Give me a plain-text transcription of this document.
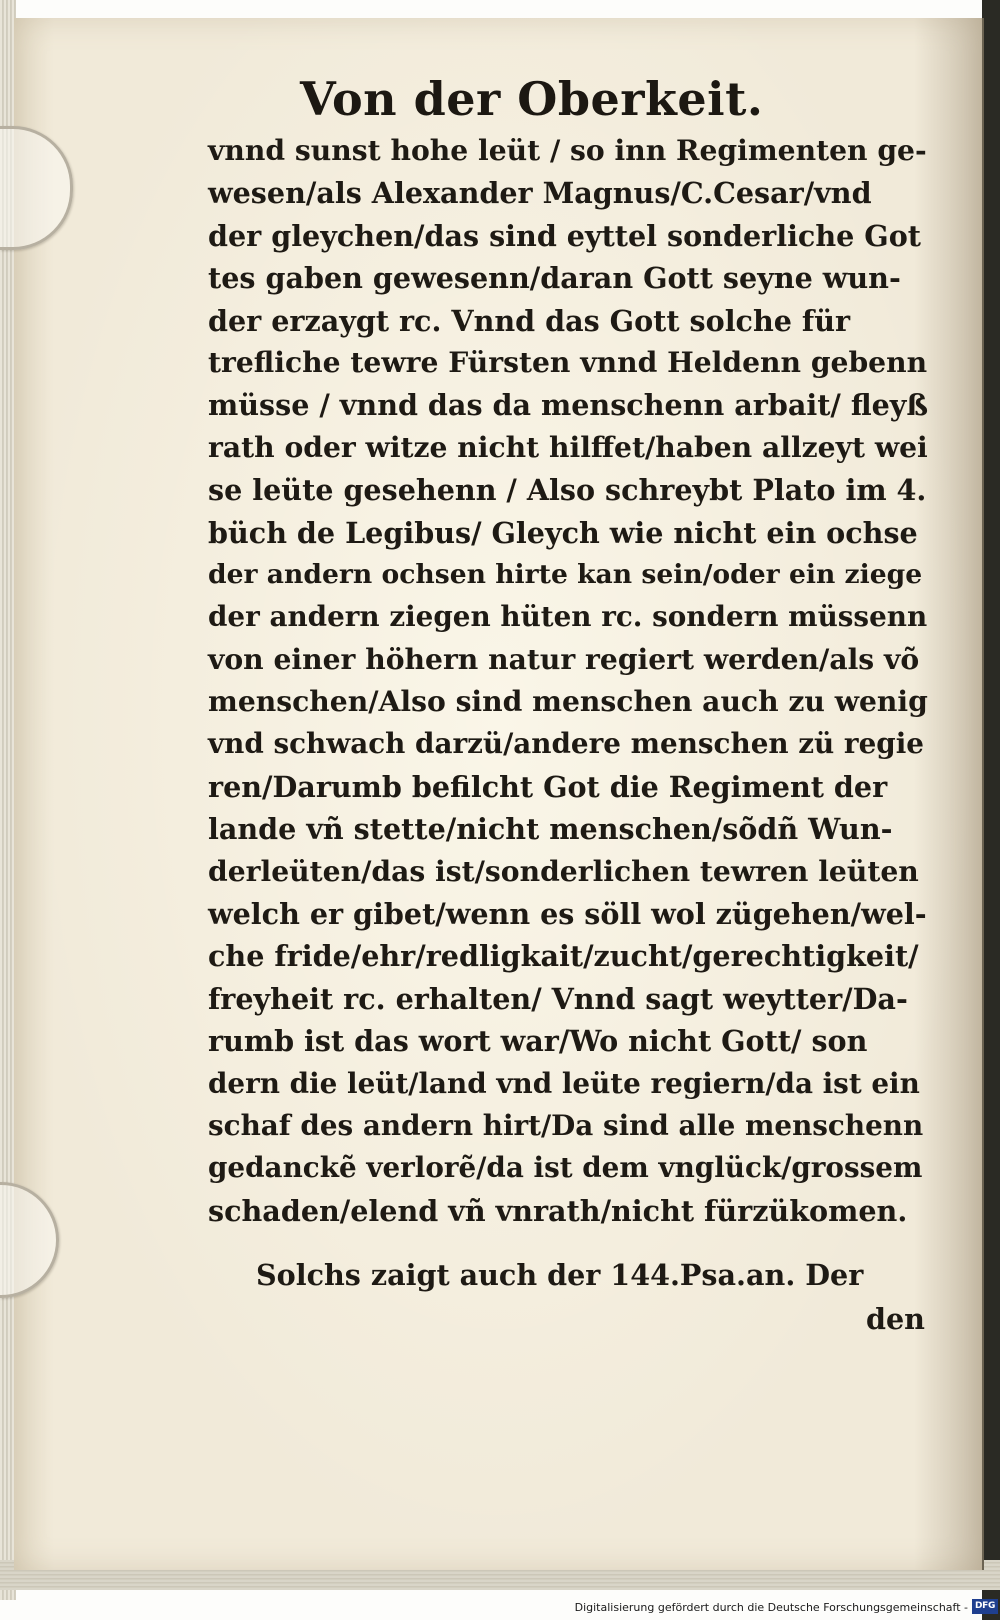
Von der Oberkeit.
vnnd sunst hohe leüt / so inn Regimenten ge-
wesen/als Alexander Magnus/C.Cesar/vnd
der gleychen/das sind eyttel sonderliche Got
tes gaben gewesenn/daran Gott seyne wun-
der erzaygt rc. Vnnd das Gott solche für
trefliche tewre Fürsten vnnd Heldenn gebenn
müsse / vnnd das da menschenn arbait/ fleyß
rath oder witze nicht hilffet/haben allzeyt wei
se leüte gesehenn / Also schreybt Plato im 4.
büch de Legibus/ Gleych wie nicht ein ochse
der andern ochsen hirte kan sein/oder ein ziege
der andern ziegen hüten rc. sondern müssenn
von einer höhern natur regiert werden/als võ
menschen/Also sind menschen auch zu wenig
vnd schwach darzü/andere menschen zü regie
ren/Darumb befilcht Got die Regiment der
lande vñ stette/nicht menschen/sõdñ Wun-
derleüten/das ist/sonderlichen tewren leüten
welch er gibet/wenn es söll wol zügehen/wel-
che fride/ehr/redligkait/zucht/gerechtigkeit/
freyheit rc. erhalten/ Vnnd sagt weytter/Da-
rumb ist das wort war/Wo nicht Gott/ son
dern die leüt/land vnd leüte regiern/da ist ein
schaf des andern hirt/Da sind alle menschenn
gedanckẽ verlorẽ/da ist dem vnglück/grossem
schaden/elend vñ vnrath/nicht fürzükomen.
Solchs zaigt auch der 144.Psa.an. Der
den
Digitalisierung gefördert durch die Deutsche Forschungsgemeinschaft - DFG
